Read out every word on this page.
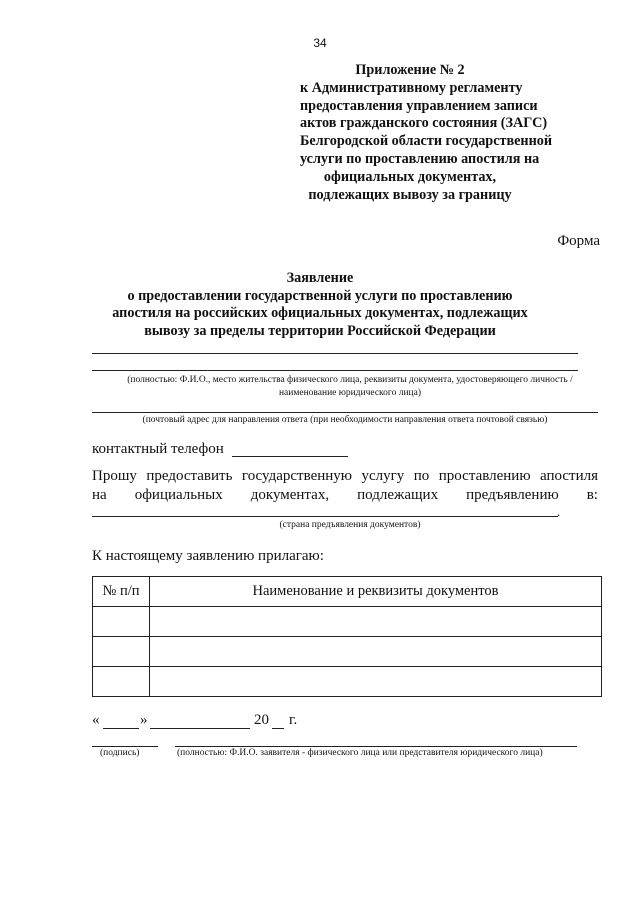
34
Приложение № 2
к Административному регламенту
предоставления управлением записи
актов гражданского состояния (ЗАГС)
Белгородской области государственной
услуги по проставлению апостиля на
официальных документах,
подлежащих вывозу за границу
Форма
Заявление
о предоставлении государственной услуги по проставлению
апостиля на российских официальных документах, подлежащих
вывозу за пределы территории Российской Федерации
(полностью: Ф.И.О., место жительства физического лица, реквизиты документа, удостоверяющего личность /наименование юридического лица)
(почтовый адрес для направления ответа (при необходимости направления ответа почтовой связью)
контактный телефон
Прошу предоставить государственную услугу по проставлению апостиля
на официальных документах, подлежащих предъявлению в:
.
(страна предъявления документов)
К настоящему заявлению прилагаю:
№ п/п	Наименование и реквизиты документов

«	»	20 г.
(подпись)	(полностью: Ф.И.О. заявителя - физического лица или представителя юридического лица)
